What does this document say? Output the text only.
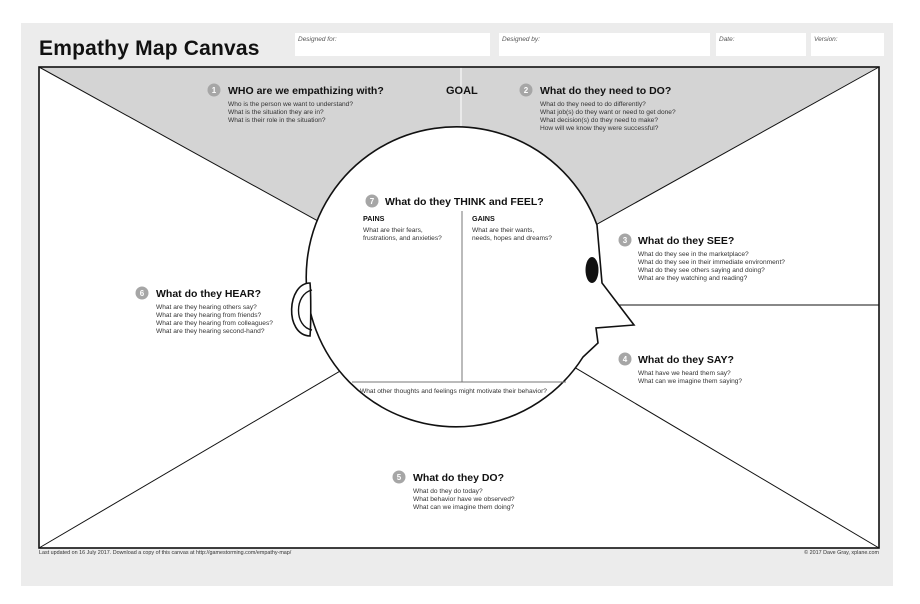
Empathy Map Canvas	Designed for:	Designed by:	Date:	Version:
1 WHO are we empathizing with?
Who is the person we want to understand?
What is the situation they are in?
What is their role in the situation?
GOAL	2 What do they need to DO?
What do they need to do differently?
What job(s) do they want or need to get done?
What decision(s) do they need to make?
How will we know they were successful?
3 What do they SEE?
What do they see in the marketplace?
What do they see in their immediate environment?
What do they see others saying and doing?
What are they watching and reading?
4 What do they SAY?
What have we heard them say?
What can we imagine them saying?
5 What do they DO?
What do they do today?
What behavior have we observed?
What can we imagine them doing?
6 What do they HEAR?
What are they hearing others say?
What are they hearing from friends?
What are they hearing from colleagues?
What are they hearing second-hand?
7 What do they THINK and FEEL?
PAINS
What are their fears,
frustrations, and anxieties?
GAINS
What are their wants,
needs, hopes and dreams?
What other thoughts and feelings might motivate their behavior?
Last updated on 16 July 2017. Download a copy of this canvas at http://gamestorming.com/empathy-map/	© 2017 Dave Gray, xplane.com
